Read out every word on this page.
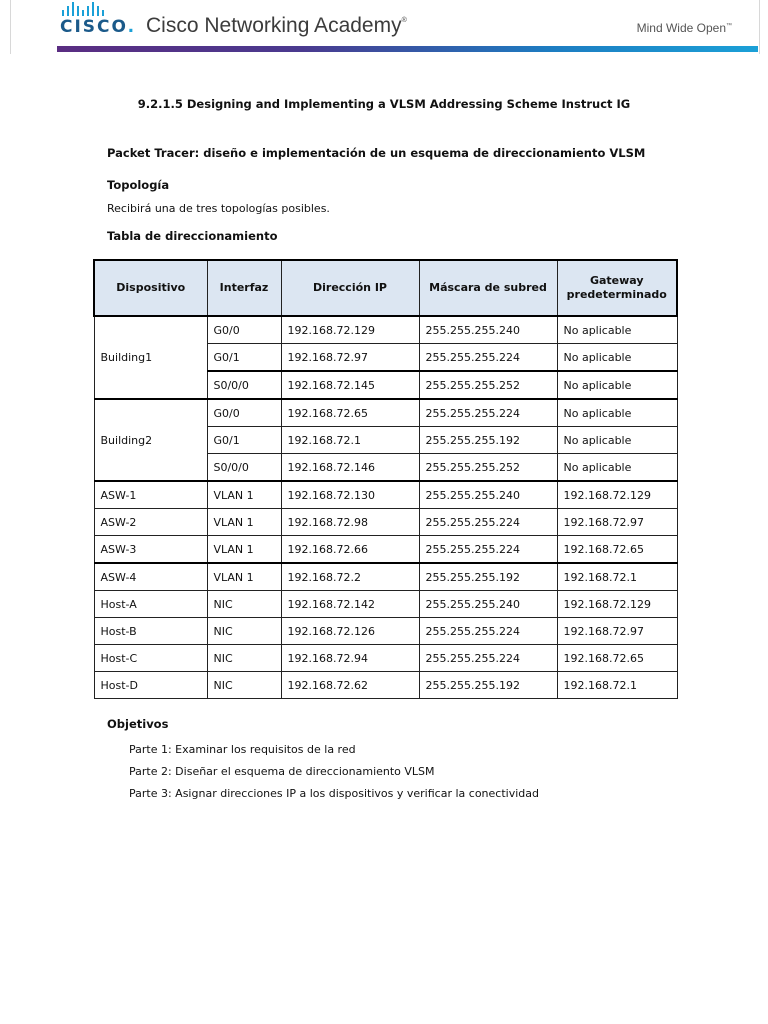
CISCO. Cisco Networking Academy®
Mind Wide Open™
9.2.1.5 Designing and Implementing a VLSM Addressing Scheme Instruct IG
Packet Tracer: diseño e implementación de un esquema de direccionamiento VLSM
Topología
Recibirá una de tres topologías posibles.
Tabla de direccionamiento
Dispositivo	Interfaz	Dirección IP	Máscara de subred	Gateway predeterminado
Building1	G0/0	192.168.72.129	255.255.255.240	No aplicable
	G0/1	192.168.72.97	255.255.255.224	No aplicable
	S0/0/0	192.168.72.145	255.255.255.252	No aplicable
Building2	G0/0	192.168.72.65	255.255.255.224	No aplicable
	G0/1	192.168.72.1	255.255.255.192	No aplicable
	S0/0/0	192.168.72.146	255.255.255.252	No aplicable
ASW-1	VLAN 1	192.168.72.130	255.255.255.240	192.168.72.129
ASW-2	VLAN 1	192.168.72.98	255.255.255.224	192.168.72.97
ASW-3	VLAN 1	192.168.72.66	255.255.255.224	192.168.72.65
ASW-4	VLAN 1	192.168.72.2	255.255.255.192	192.168.72.1
Host-A	NIC	192.168.72.142	255.255.255.240	192.168.72.129
Host-B	NIC	192.168.72.126	255.255.255.224	192.168.72.97
Host-C	NIC	192.168.72.94	255.255.255.224	192.168.72.65
Host-D	NIC	192.168.72.62	255.255.255.192	192.168.72.1
Objetivos
Parte 1: Examinar los requisitos de la red
Parte 2: Diseñar el esquema de direccionamiento VLSM
Parte 3: Asignar direcciones IP a los dispositivos y verificar la conectividad
